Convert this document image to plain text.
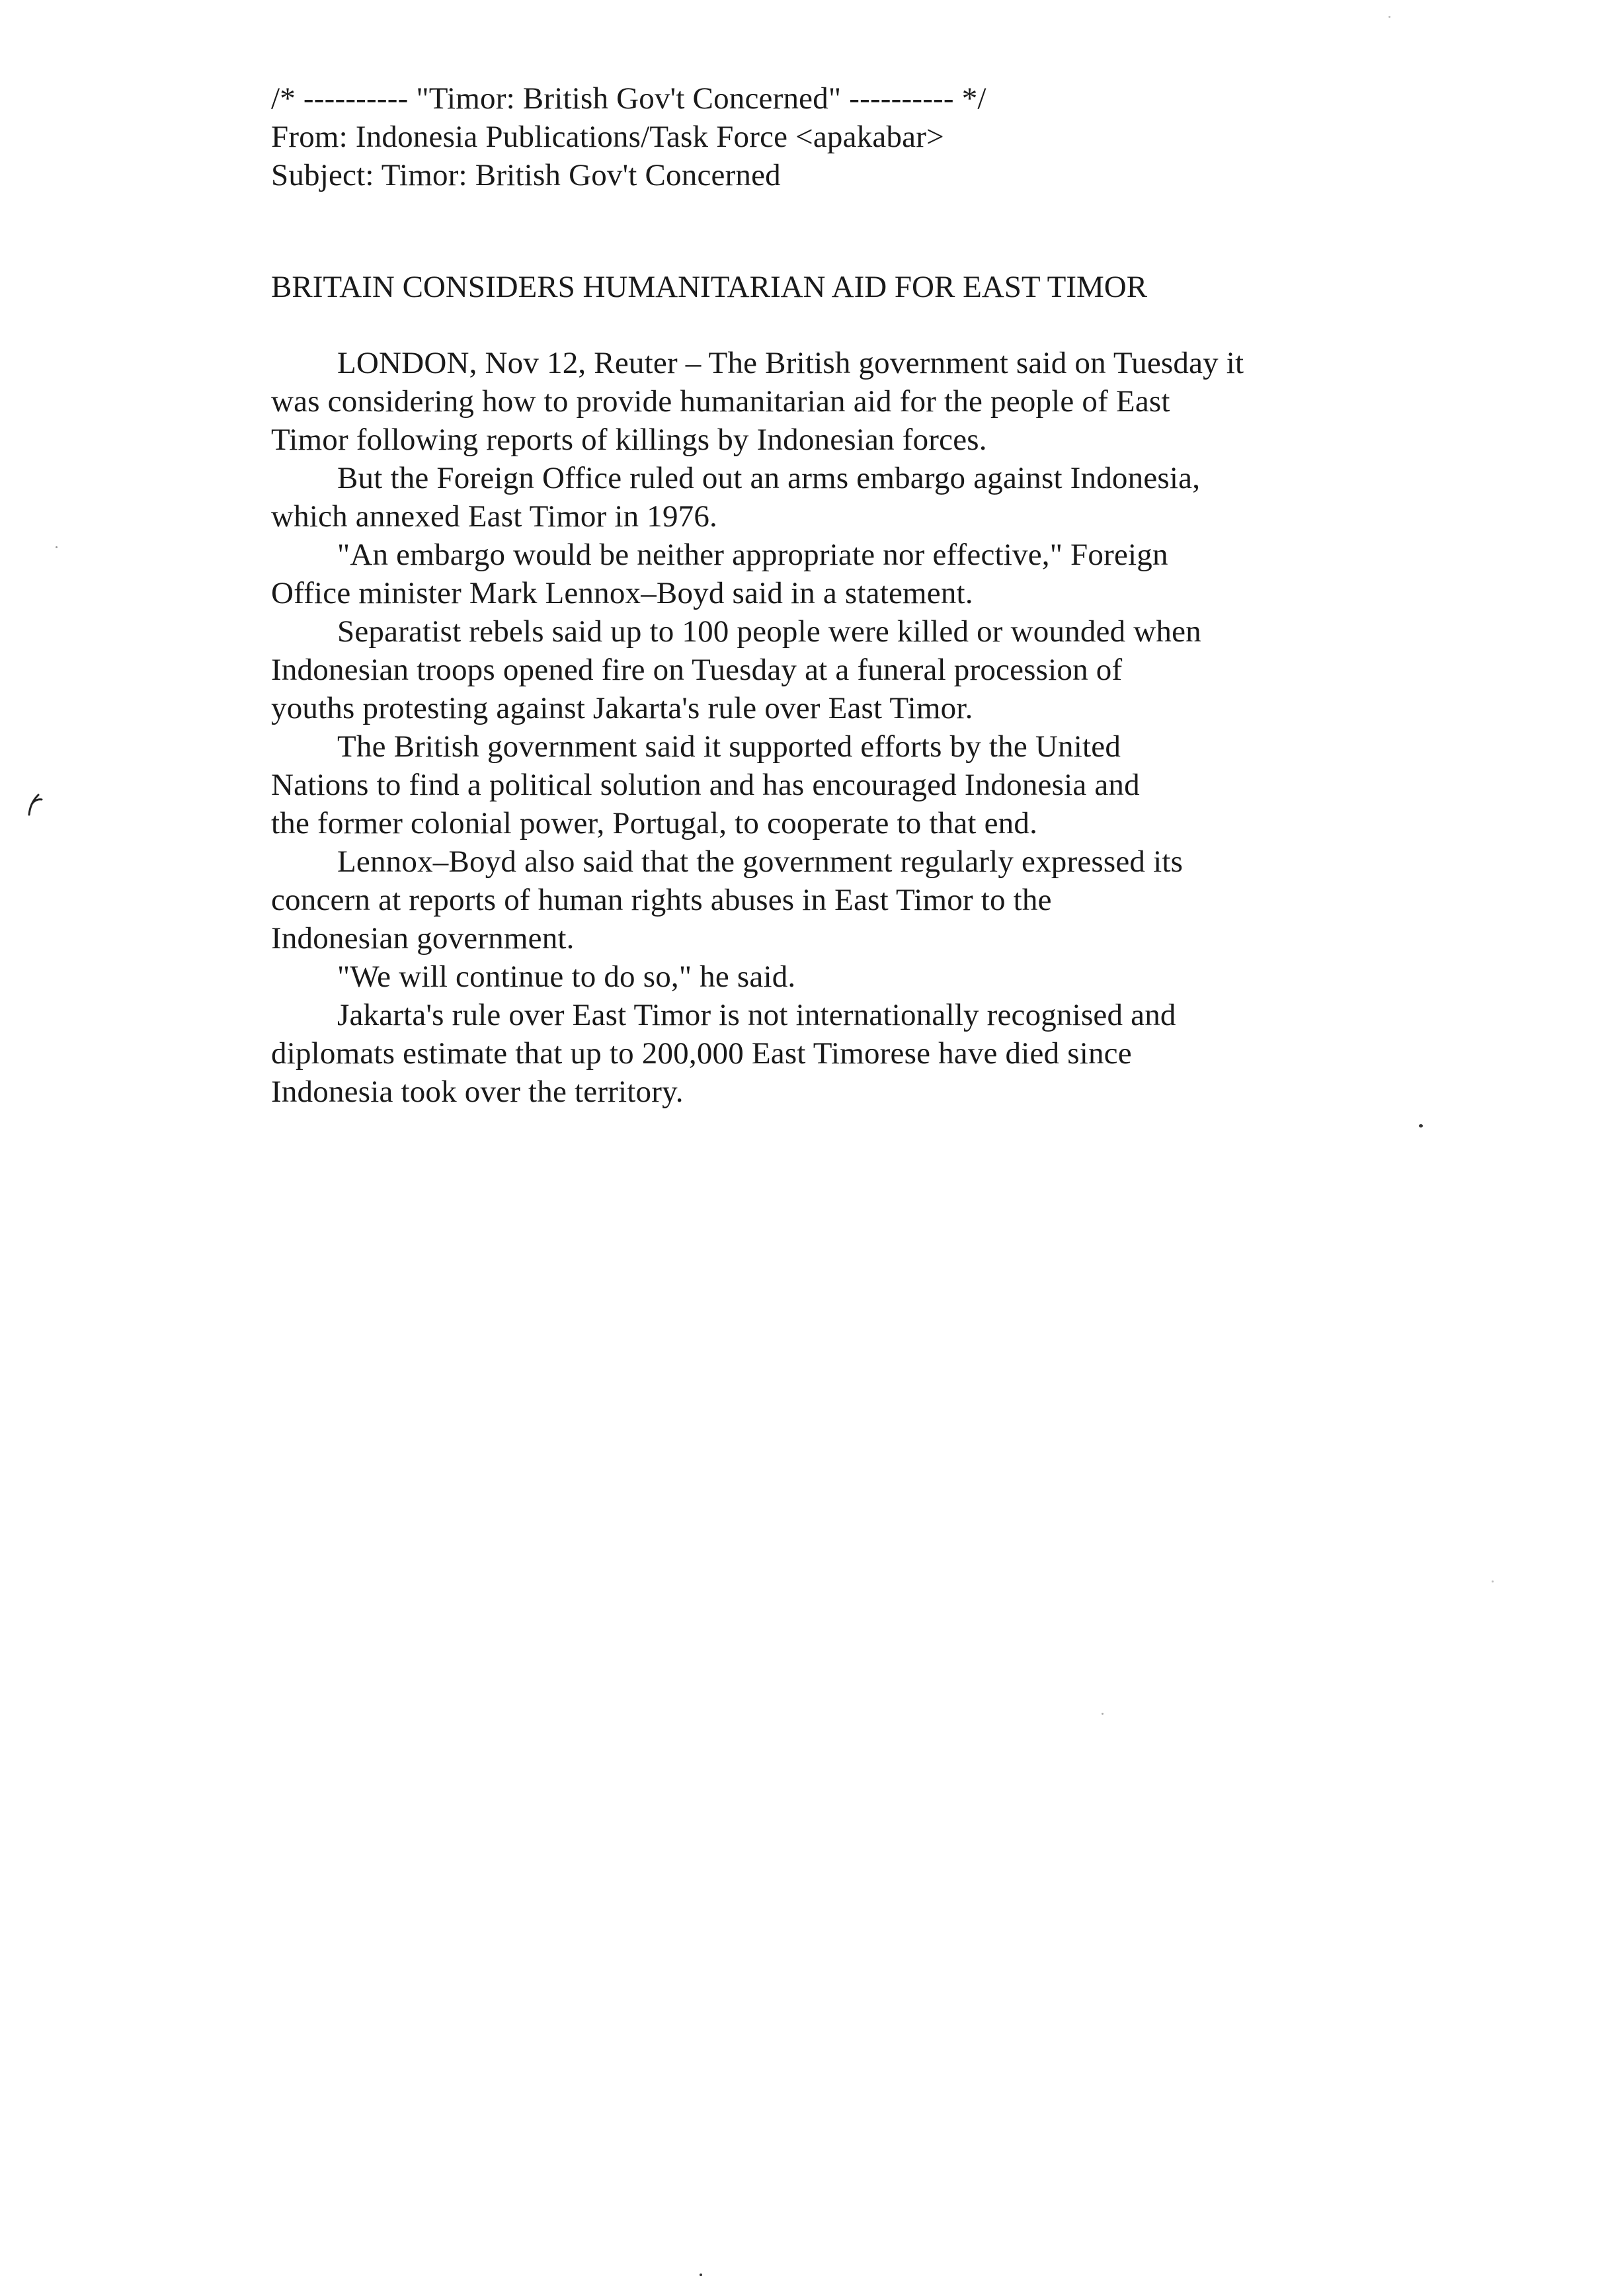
/* ---------- "Timor: British Gov't Concerned" ---------- */
From: Indonesia Publications/Task Force <apakabar>
Subject: Timor: British Gov't Concerned
BRITAIN CONSIDERS HUMANITARIAN AID FOR EAST TIMOR
LONDON, Nov 12, Reuter – The British government said on Tuesday it
was considering how to provide humanitarian aid for the people of East
Timor following reports of killings by Indonesian forces.
But the Foreign Office ruled out an arms embargo against Indonesia,
which annexed East Timor in 1976.
"An embargo would be neither appropriate nor effective," Foreign
Office minister Mark Lennox–Boyd said in a statement.
Separatist rebels said up to 100 people were killed or wounded when
Indonesian troops opened fire on Tuesday at a funeral procession of
youths protesting against Jakarta's rule over East Timor.
The British government said it supported efforts by the United
Nations to find a political solution and has encouraged Indonesia and
the former colonial power, Portugal, to cooperate to that end.
Lennox–Boyd also said that the government regularly expressed its
concern at reports of human rights abuses in East Timor to the
Indonesian government.
"We will continue to do so," he said.
Jakarta's rule over East Timor is not internationally recognised and
diplomats estimate that up to 200,000 East Timorese have died since
Indonesia took over the territory.
